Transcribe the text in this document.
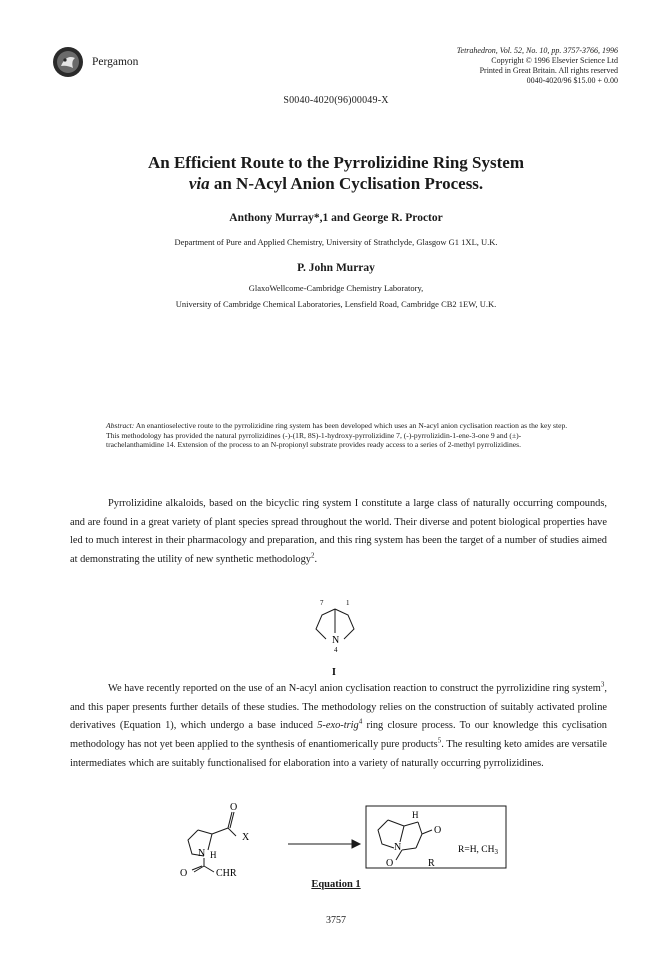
Pergamon
Tetrahedron, Vol. 52, No. 10, pp. 3757-3766, 1996
Copyright © 1996 Elsevier Science Ltd
Printed in Great Britain. All rights reserved
0040-4020/96 $15.00 + 0.00
S0040-4020(96)00049-X
An Efficient Route to the Pyrrolizidine Ring System
via an N-Acyl Anion Cyclisation Process.
Anthony Murray*,1 and George R. Proctor
Department of Pure and Applied Chemistry, University of Strathclyde, Glasgow G1 1XL, U.K.
P. John Murray
GlaxoWellcome-Cambridge Chemistry Laboratory,
University of Cambridge Chemical Laboratories, Lensfield Road, Cambridge CB2 1EW, U.K.
Abstract: An enantioselective route to the pyrrolizidine ring system has been developed which uses an N-acyl anion cyclisation reaction as the key step. This methodology has provided the natural pyrrolizidines (-)-(1R, 8S)-1-hydroxy-pyrrolizidine 7, (-)-pyrrolizidin-1-ene-3-one 9 and (±)-trachelanthamidine 14. Extension of the process to an N-propionyl substrate provides ready access to a series of 2-methyl pyrrolizidines.
Pyrrolizidine alkaloids, based on the bicyclic ring system I constitute a large class of naturally occurring compounds, and are found in a great variety of plant species spread throughout the world. Their diverse and potent biological properties have led to much interest in their pharmacology and preparation, and this ring system has been the target of a number of studies aimed at demonstrating the utility of new synthetic methodology$^2$.
N
7	1
4
I
We have recently reported on the use of an N-acyl anion cyclisation reaction to construct the pyrrolizidine ring system$^3$, and this paper presents further details of these studies. The methodology relies on the construction of suitably activated proline derivatives (Equation 1), which undergo a base induced 5-exo-trig$^4$ ring closure process. To our knowledge this cyclisation methodology has not yet been applied to the synthesis of enantiomerically pure products$^5$. The resulting keto amides are versatile intermediates which are suitably functionalised for elaboration into a variety of naturally occurring pyrrolizidines.
O
X
N H
O	CHR
H
O
N	R=H, $CH_3$
O	R
Equation 1
3757
